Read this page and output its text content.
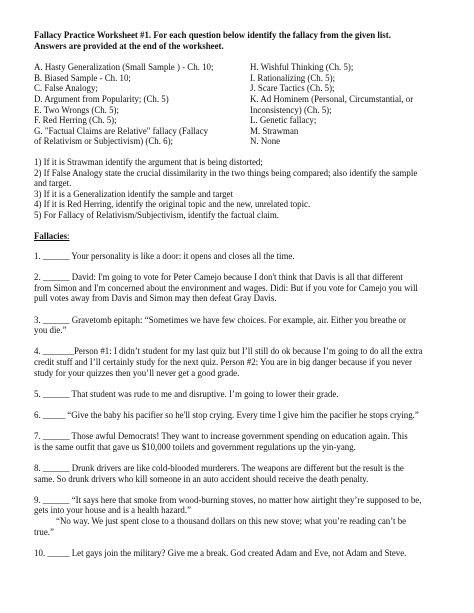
Fallacy Practice Worksheet #1. For each question below identify the fallacy from the given list.
Answers are provided at the end of the worksheet.
A. Hasty Generalization (Small Sample ) - Ch. 10;
B. Biased Sample - Ch. 10;
C. False Analogy;
D. Argument from Popularity; (Ch. 5)
E. Two Wrongs (Ch. 5);
F. Red Herring (Ch. 5);
G. "Factual Claims are Relative" fallacy (Fallacy
of Relativism or Subjectivism) (Ch. 6);
H. Wishful Thinking (Ch. 5);
I. Rationalizing (Ch. 5);
J. Scare Tactics (Ch. 5);
K. Ad Hominem (Personal, Circumstantial, or
Inconsistency) (Ch. 5);
L. Genetic fallacy;
M. Strawman
N. None
1) If it is Strawman identify the argument that is being distorted;
2) If False Analogy state the crucial dissimilarity in the two things being compared; also identify the sample
and target.
3) If it is a Generalization identify the sample and target
4) If it is Red Herring, identify the original topic and the new, unrelated topic.
5) For Fallacy of Relativism/Subjectivism, identify the factual claim.
Fallacies:
1. ______ Your personality is like a door: it opens and closes all the time.
2. ______ David: I'm going to vote for Peter Camejo because I don't think that Davis is all that different
from Simon and I'm concerned about the environment and wages. Didi: But if you vote for Camejo you will
pull votes away from Davis and Simon may then defeat Gray Davis.
3. ______ Gravetomb epitaph: “Sometimes we have few choices. For example, air. Either you breathe or
you die.”
4. _______Person #1: I didn’t student for my last quiz but I’ll still do ok because I’m going to do all the extra
credit stuff and I’ll certainly study for the next quiz. Person #2: You are in big danger because if you never
study for your quizzes then you’ll never get a good grade.
5. ______ That student was rude to me and disruptive. I’m going to lower their grade.
6. _____ “Give the baby his pacifier so he'll stop crying. Every time I give him the pacifier he stops crying.”
7. ______ Those awful Democrats! They want to increase government spending on education again. This
is the same outfit that gave us $10,000 toilets and government regulations up the yin-yang.
8. ______ Drunk drivers are like cold-blooded murderers. The weapons are different but the result is the
same. So drunk drivers who kill someone in an auto accident should receive the death penalty.
9. ______ “It says here that smoke from wood-burning stoves, no matter how airtight they’re supposed to be,
gets into your house and is a health hazard.”
“No way. We just spent close to a thousand dollars on this new stove; what you’re reading can’t be
true.”
10. _____ Let gays join the military? Give me a break. God created Adam and Eve, not Adam and Steve.
